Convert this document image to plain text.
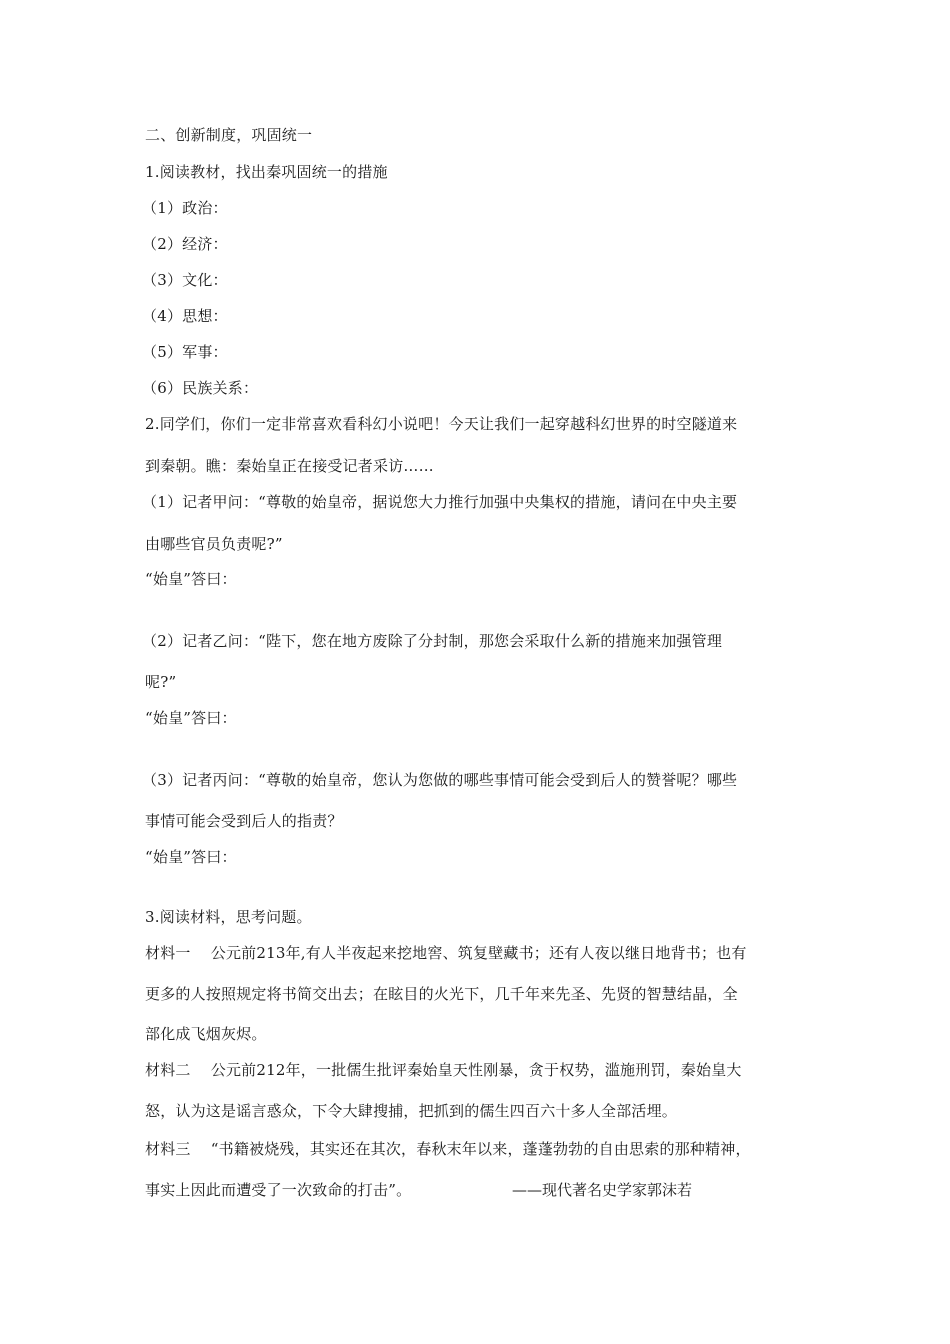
二、创新制度，巩固统一
1.阅读教材，找出秦巩固统一的措施
（1）政治：
（2）经济：
（3）文化：
（4）思想：
（5）军事：
（6）民族关系：
2.同学们，你们一定非常喜欢看科幻小说吧！今天让我们一起穿越科幻世界的时空隧道来
到秦朝。瞧：秦始皇正在接受记者采访……
（1）记者甲问：“尊敬的始皇帝，据说您大力推行加强中央集权的措施，请问在中央主要
由哪些官员负责呢?”
“始皇”答曰：
（2）记者乙问：“陛下，您在地方废除了分封制，那您会采取什么新的措施来加强管理
呢?”
“始皇”答曰：
（3）记者丙问：“尊敬的始皇帝，您认为您做的哪些事情可能会受到后人的赞誉呢？哪些
事情可能会受到后人的指责？
“始皇”答曰：
3.阅读材料，思考问题。
材料一　 公元前213年,有人半夜起来挖地窖、筑复壁藏书；还有人夜以继日地背书；也有
更多的人按照规定将书简交出去；在眩目的火光下，几千年来先圣、先贤的智慧结晶，全
部化成飞烟灰烬。
材料二　 公元前212年，一批儒生批评秦始皇天性刚暴，贪于权势，滥施刑罚，秦始皇大
怒，认为这是谣言惑众，下令大肆搜捕，把抓到的儒生四百六十多人全部活埋。
材料三　 “书籍被烧残，其实还在其次，春秋末年以来，蓬蓬勃勃的自由思索的那种精神，
事实上因此而遭受了一次致命的打击”。	——现代著名史学家郭沫若
